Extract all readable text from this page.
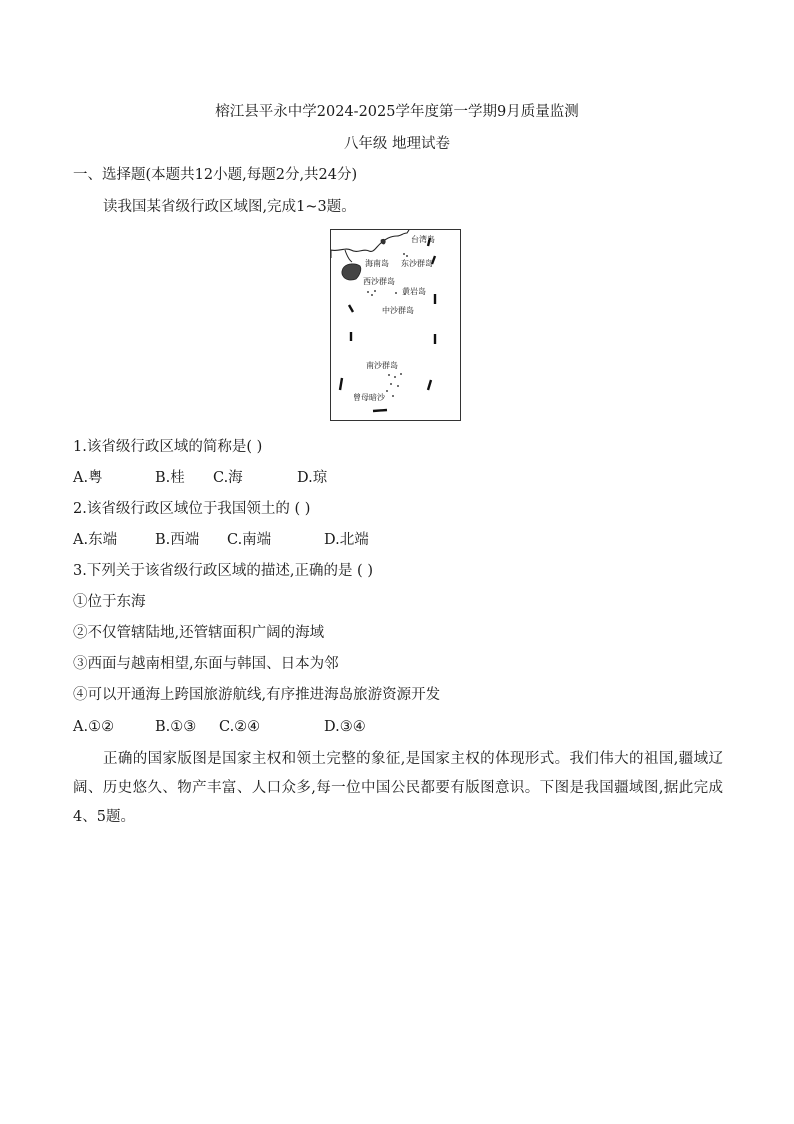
榕江县平永中学2024-2025学年度第一学期9月质量监测
八年级 地理试卷
一、选择题(本题共12小题,每题2分,共24分)
读我国某省级行政区域图,完成1~3题。
台湾岛
海南岛 东沙群岛
西沙群岛
黄岩岛
中沙群岛
南沙群岛
曾母暗沙
1.该省级行政区域的简称是( )
A.粤	B.桂 C.海	D.琼
2.该省级行政区域位于我国领土的 ( )
A.东端	B.西端 C.南端	D.北端
3.下列关于该省级行政区域的描述,正确的是 ( )
①位于东海
②不仅管辖陆地,还管辖面积广阔的海域
③西面与越南相望,东面与韩国、日本为邻
④可以开通海上跨国旅游航线,有序推进海岛旅游资源开发
A.①②	B.①③ C.②④	D.③④
正确的国家版图是国家主权和领土完整的象征,是国家主权的体现形式。我们伟大的祖国,疆域辽阔、历史悠久、物产丰富、人口众多,每一位中国公民都要有版图意识。下图是我国疆域图,据此完成4、5题。
